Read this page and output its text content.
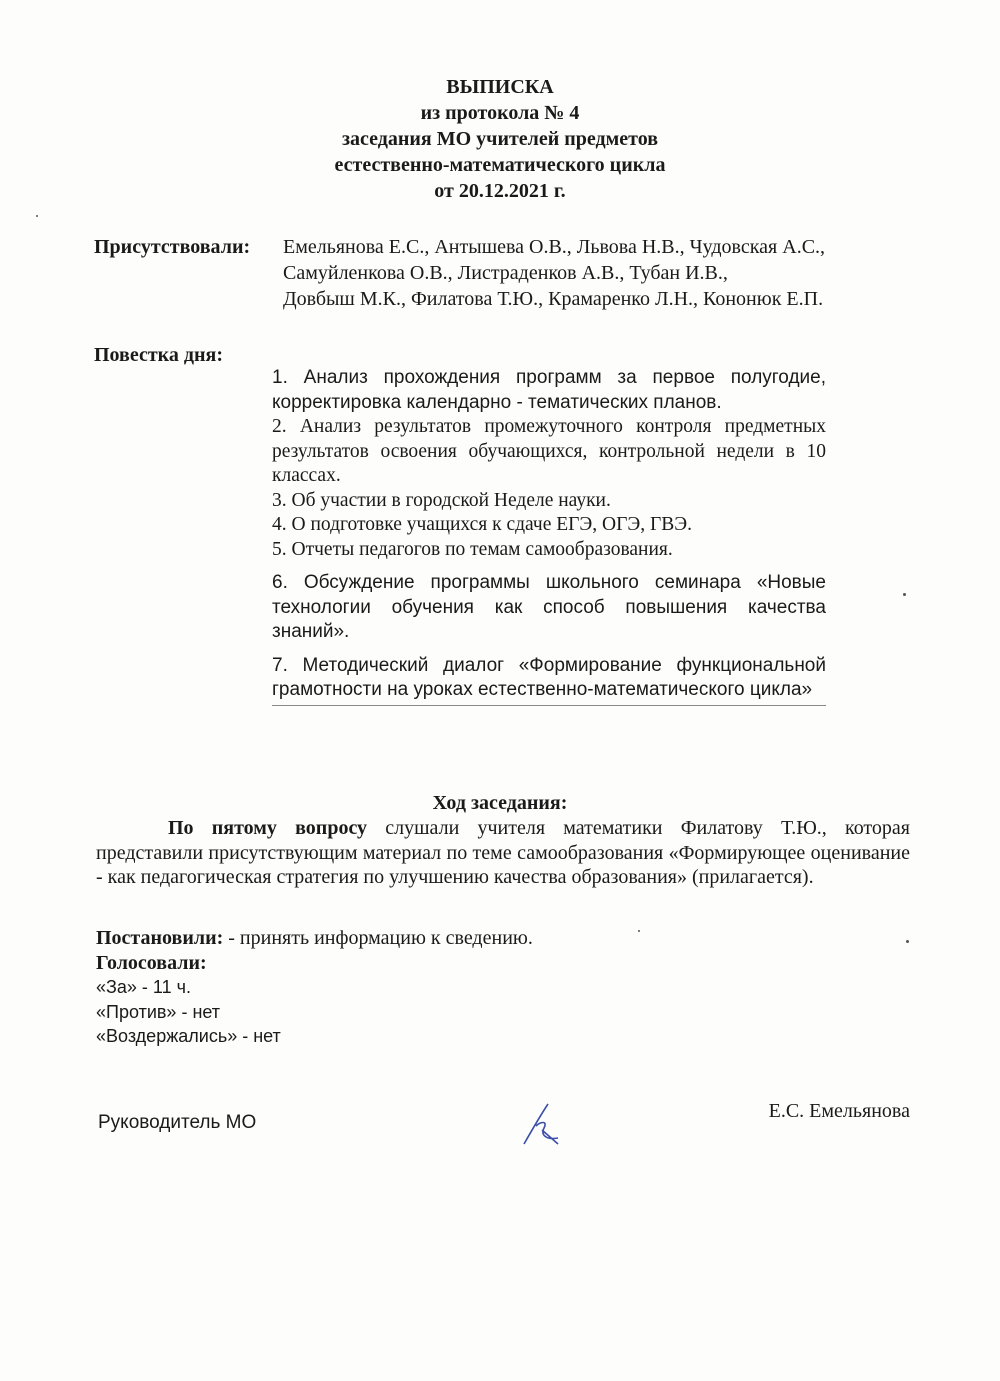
ВЫПИСКА
из протокола № 4
заседания МО учителей предметов
естественно-математического цикла
от 20.12.2021 г.
Присутствовали: Емельянова Е.С., Антышева О.В., Львова Н.В., Чудовская А.С.,
Самуйленкова О.В., Листраденков А.В., Тубан И.В.,
Довбыш М.К., Филатова Т.Ю., Крамаренко Л.Н., Кононюк Е.П.
Повестка дня:
1. Анализ прохождения программ за первое полугодие, корректировка календарно - тематических планов.
2. Анализ результатов промежуточного контроля предметных результатов освоения обучающихся, контрольной недели в 10 классах.
3. Об участии в городской Неделе науки.
4. О подготовке учащихся к сдаче ЕГЭ, ОГЭ, ГВЭ.
5. Отчеты педагогов по темам самообразования.
6. Обсуждение программы школьного семинара «Новые технологии обучения как способ повышения качества знаний».
7. Методический диалог «Формирование функциональной грамотности на уроках естественно-математического цикла»
Ход заседания:
По пятому вопросу слушали учителя математики Филатову Т.Ю., которая представили присутствующим материал по теме самообразования «Формирующее оценивание - как педагогическая стратегия по улучшению качества образования» (прилагается).
Постановили: - принять информацию к сведению.
Голосовали:
«За» - 11 ч.
«Против» - нет
«Воздержались» - нет
Руководитель МО
Е.С. Емельянова
